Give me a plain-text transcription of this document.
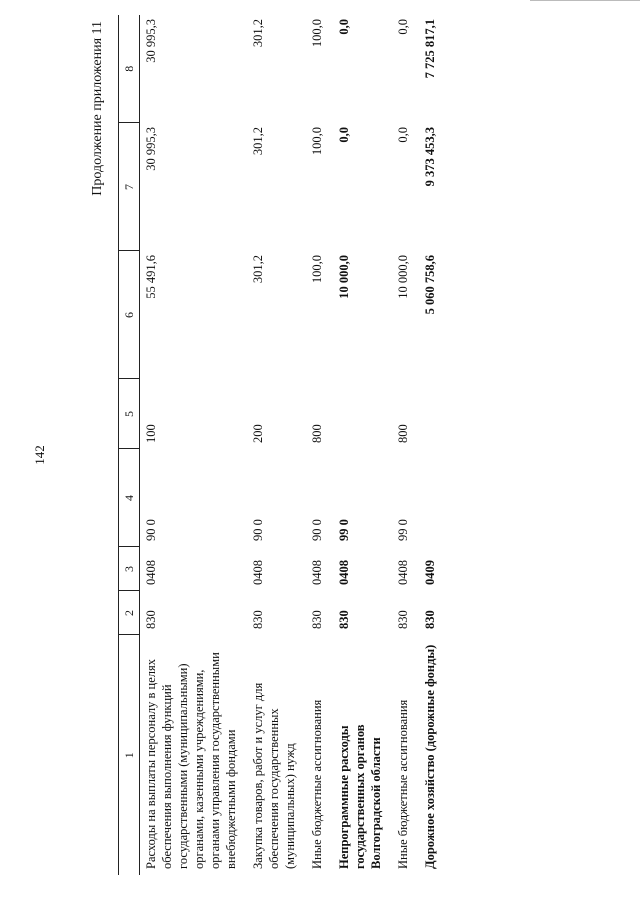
142
Продолжение приложения 11
1	2	3	4	5	6	7	8
Расходы на выплаты персоналу в целях обеспечения выполнения функций государственными (муниципальными) органами, казенными учреждениями, органами управления государственными внебюджетными фондами	830	0408	90 0	100	55 491,6	30 995,3	30 995,3
Закупка товаров, работ и услуг для обеспечения государственных (муниципальных) нужд	830	0408	90 0	200	301,2	301,2	301,2
Иные бюджетные ассигнования	830	0408	90 0	800	100,0	100,0	100,0
Непрограммные расходы государственных органов Волгоградской области	830	0408	99 0		10 000,0	0,0	0,0
Иные бюджетные ассигнования	830	0408	99 0	800	10 000,0	0,0	0,0
Дорожное хозяйство (дорожные фонды)	830	0409			5 060 758,6	9 373 453,3	7 725 817,1
